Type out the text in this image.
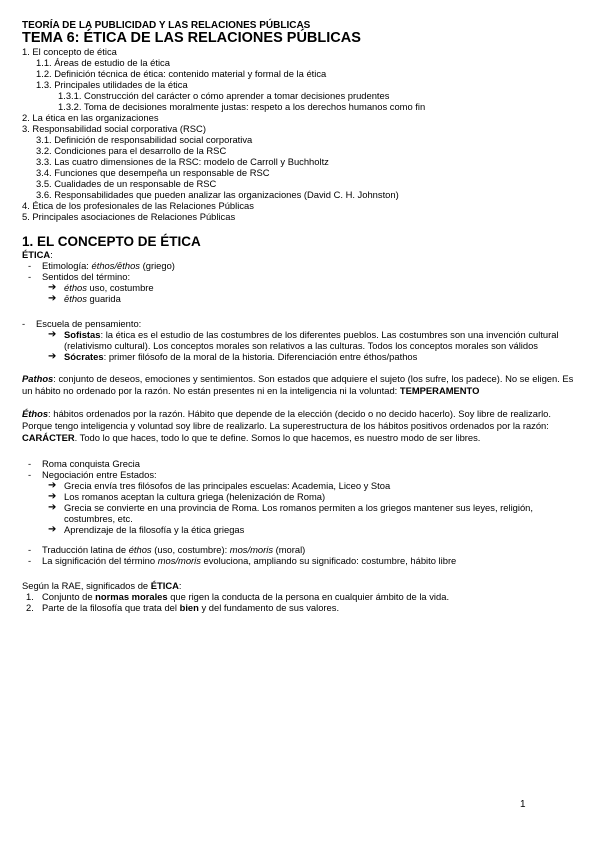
TEORÍA DE LA PUBLICIDAD Y LAS RELACIONES PÚBLICAS
TEMA 6: ÉTICA DE LAS RELACIONES PÚBLICAS
1. El concepto de ética
1.1. Áreas de estudio de la ética
1.2. Definición técnica de ética: contenido material y formal de la ética
1.3. Principales utilidades de la ética
1.3.1. Construcción del carácter o cómo aprender a tomar decisiones prudentes
1.3.2. Toma de decisiones moralmente justas: respeto a los derechos humanos como fin
2. La ética en las organizaciones
3. Responsabilidad social corporativa (RSC)
3.1. Definición de responsabilidad social corporativa
3.2. Condiciones para el desarrollo de la RSC
3.3. Las cuatro dimensiones de la RSC: modelo de Carroll y Buchholtz
3.4. Funciones que desempeña un responsable de RSC
3.5. Cualidades de un responsable de RSC
3.6. Responsabilidades que pueden analizar las organizaciones (David C. H. Johnston)
4. Ética de los profesionales de las Relaciones Públicas
5. Principales asociaciones de Relaciones Públicas
1. EL CONCEPTO DE ÉTICA
ÉTICA:
- Etimología: éthos/ēthos (griego)
- Sentidos del término:
➔ éthos uso, costumbre
➔ ēthos guarida
- Escuela de pensamiento:
➔ Sofistas: la ética es el estudio de las costumbres de los diferentes pueblos. Las costumbres son una invención cultural (relativismo cultural). Los conceptos morales son relativos a las culturas. Todos los conceptos morales son válidos
➔ Sócrates: primer filósofo de la moral de la historia. Diferenciación entre éthos/pathos
Pathos: conjunto de deseos, emociones y sentimientos. Son estados que adquiere el sujeto (los sufre, los padece). No se eligen. Es un hábito no ordenado por la razón. No están presentes ni en la inteligencia ni la voluntad: TEMPERAMENTO
Éthos: hábitos ordenados por la razón. Hábito que depende de la elección (decido o no decido hacerlo). Soy libre de realizarlo. Porque tengo inteligencia y voluntad soy libre de realizarlo. La superestructura de los hábitos positivos ordenados por la razón: CARÁCTER. Todo lo que haces, todo lo que te define. Somos lo que hacemos, es nuestro modo de ser libres.
- Roma conquista Grecia
- Negociación entre Estados:
➔ Grecia envía tres filósofos de las principales escuelas: Academia, Liceo y Stoa
➔ Los romanos aceptan la cultura griega (helenización de Roma)
➔ Grecia se convierte en una provincia de Roma. Los romanos permiten a los griegos mantener sus leyes, religión, costumbres, etc.
➔ Aprendizaje de la filosofía y la ética griegas
- Traducción latina de éthos (uso, costumbre): mos/moris (moral)
- La significación del término mos/moris evoluciona, ampliando su significado: costumbre, hábito libre
Según la RAE, significados de ÉTICA:
1. Conjunto de normas morales que rigen la conducta de la persona en cualquier ámbito de la vida.
2. Parte de la filosofía que trata del bien y del fundamento de sus valores.
1
